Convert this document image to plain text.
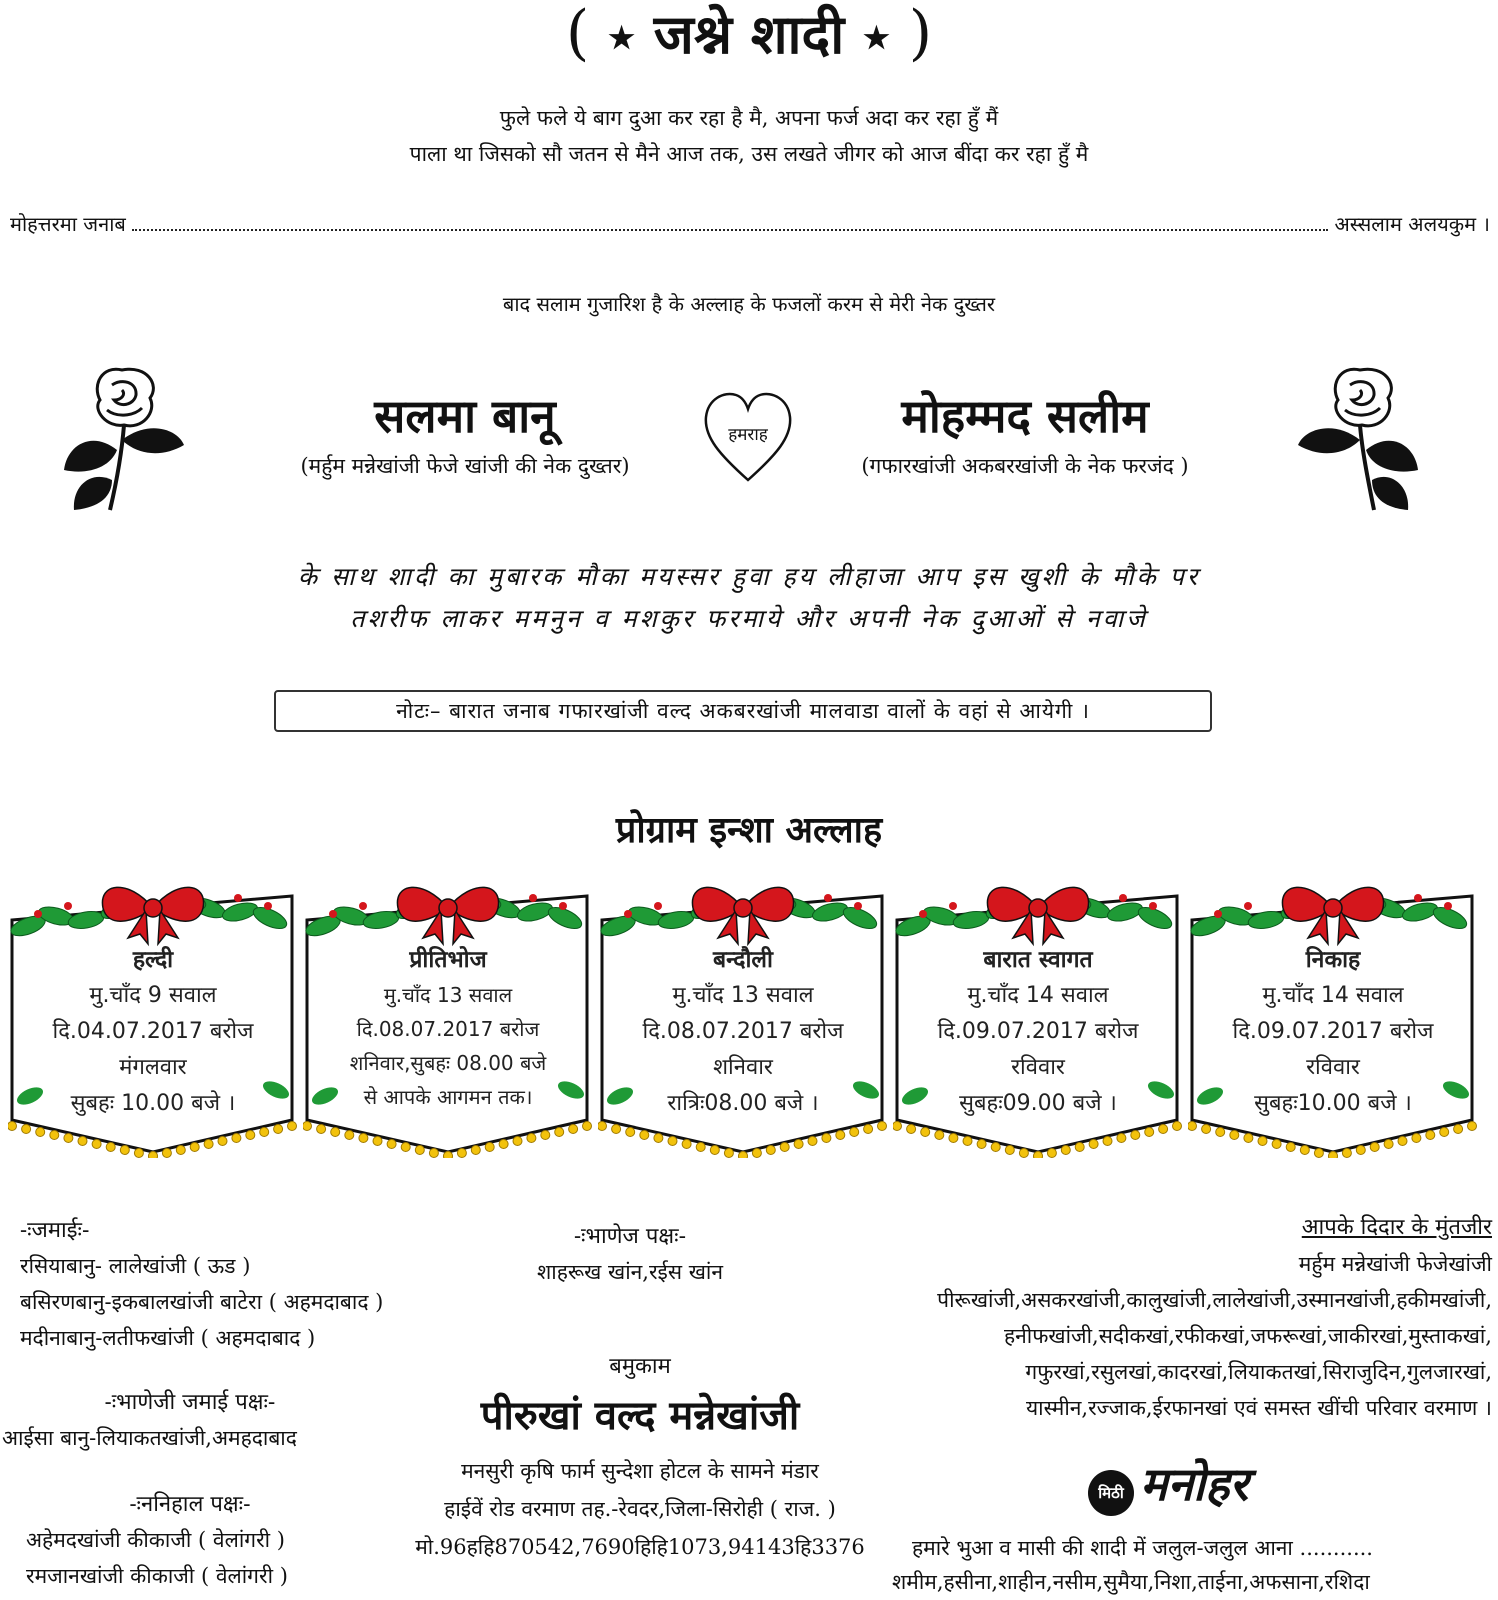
( ★ जश्ने शादी ★ )
फुले फले ये बाग दुआ कर रहा है मै, अपना फर्ज अदा कर रहा हुँ मैं
पाला था जिसको सौ जतन से मैने आज तक, उस लखते जीगर को आज बींदा कर रहा हुँ मै
मोहत्तरमा जनाब	अस्सलाम अलयकुम ।
बाद सलाम गुजारिश है के अल्लाह के फजलों करम से मेरी नेक दुख्तर
सलमा बानू
(मर्हुम मन्नेखांजी फेजे खांजी की नेक दुख्तर)
हमराह	मोहम्मद सलीम
(गफारखांजी अकबरखांजी के नेक फरजंद )
के साथ शादी का मुबारक मौका मयस्सर हुवा हय लीहाजा आप इस खुशी के मौके पर
तशरीफ लाकर ममनुन व मशकुर फरमाये और अपनी नेक दुआओं से नवाजे
नोटः– बारात जनाब गफारखांजी वल्द अकबरखांजी मालवाडा वालों के वहां से आयेगी ।
प्रोग्राम इन्शा अल्लाह
हल्दी
मु.चाँद 9 सवाल
दि.04.07.2017 बरोज
मंगलवार
सुबहः 10.00 बजे ।
प्रीतिभोज
मु.चाँद 13 सवाल
दि.08.07.2017 बरोज
शनिवार,सुबहः 08.00 बजे
से आपके आगमन तक।
बन्दौली
मु.चाँद 13 सवाल
दि.08.07.2017 बरोज
शनिवार
रात्रिः08.00 बजे ।
बारात स्वागत
मु.चाँद 14 सवाल
दि.09.07.2017 बरोज
रविवार
सुबहः09.00 बजे ।
निकाह
मु.चाँद 14 सवाल
दि.09.07.2017 बरोज
रविवार
सुबहः10.00 बजे ।
-ःजमाईः-
रसियाबानु- लालेखांजी ( ऊड )
बसिरणबानु-इकबालखांजी बाटेरा ( अहमदाबाद )
मदीनाबानु-लतीफखांजी ( अहमदाबाद )
-ःभाणेजी जमाई पक्षः-
आईसा बानु-लियाकतखांजी,अमहदाबाद
-ःननिहाल पक्षः-
अहेमदखांजी कीकाजी ( वेलांगरी )
रमजानखांजी कीकाजी ( वेलांगरी )
-ःभाणेज पक्षः-
शाहरूख खांन,रईस खांन
बमुकाम
पीरुखां वल्द मन्नेखांजी
मनसुरी कृषि फार्म सुन्देशा होटल के सामने मंडार
हाईवें रोड वरमाण तह.-रेवदर,जिला-सिरोही ( राज. )
मो.96हहि870542,7690हिहि1073,94143हि3376
आपके दिदार के मुंतजीर
मर्हुम मन्नेखांजी फेजेखांजी
पीरूखांजी,असकरखांजी,कालुखांजी,लालेखांजी,उस्मानखांजी,हकीमखांजी,
हनीफखांजी,सदीकखां,रफीकखां,जफरूखां,जाकीरखां,मुस्ताकखां,
गफुरखां,रसुलखां,कादरखां,लियाकतखां,सिराजुदिन,गुलजारखां,
यास्मीन,रज्जाक,ईरफानखां एवं समस्त खींची परिवार वरमाण ।
मिठी मनोहर
हमारे भुआ व मासी की शादी में जलुल-जलुल आना ...........
शमीम,हसीना,शाहीन,नसीम,सुमैया,निशा,ताईना,अफसाना,रशिदा
